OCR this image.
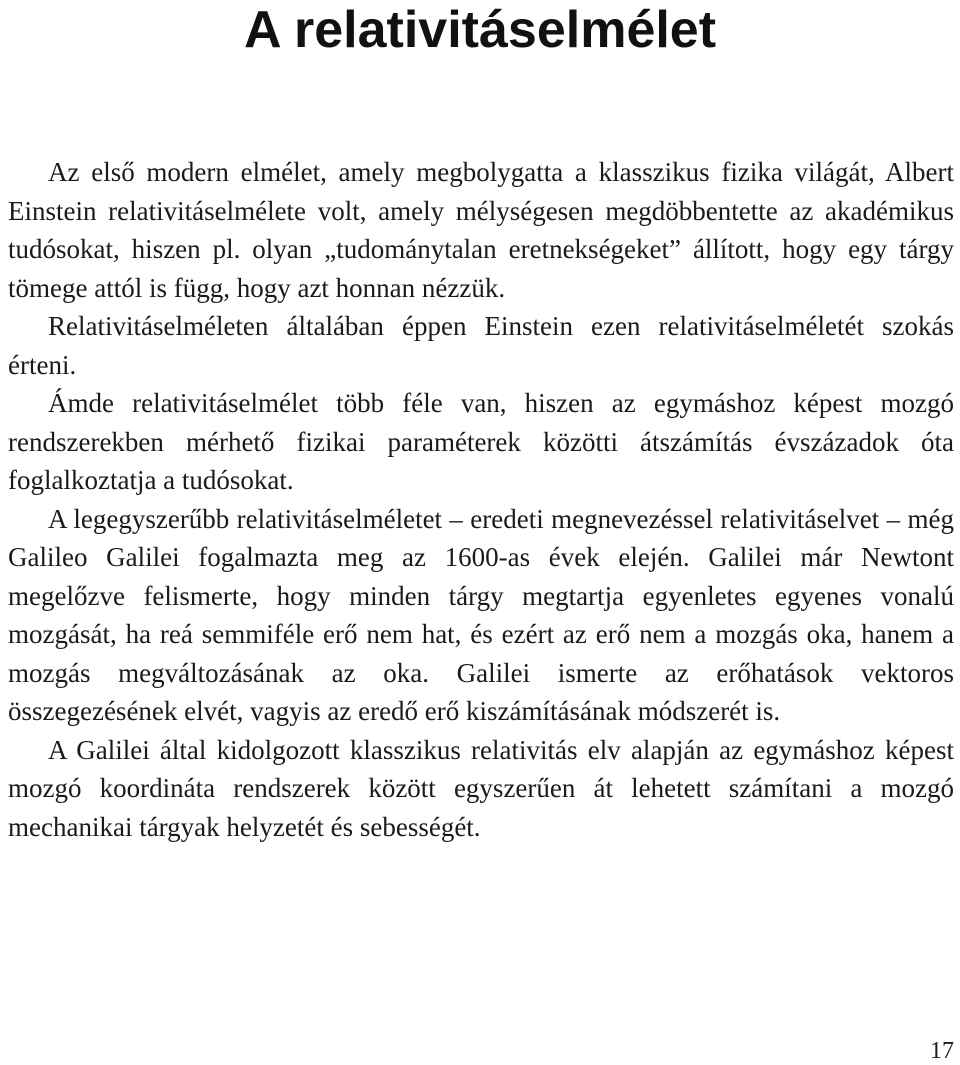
A relativitáselmélet

Az első modern elmélet, amely megbolygatta a klasszikus fizika világát, Albert Einstein relativitáselmélete volt, amely mélységesen megdöbbentette az akadémikus tudósokat, hiszen pl. olyan „tudománytalan eretnekségeket” állított, hogy egy tárgy tömege attól is függ, hogy azt honnan nézzük.

Relativitáselméleten általában éppen Einstein ezen relativitáselméletét szokás érteni.

Ámde relativitáselmélet több féle van, hiszen az egymáshoz képest mozgó rendszerekben mérhető fizikai paraméterek közötti átszámítás évszázadok óta foglalkoztatja a tudósokat.

A legegyszerűbb relativitáselméletet – eredeti megnevezéssel relativitáselvet – még Galileo Galilei fogalmazta meg az 1600-as évek elején. Galilei már Newtont megelőzve felismerte, hogy minden tárgy megtartja egyenletes egyenes vonalú mozgását, ha reá semmiféle erő nem hat, és ezért az erő nem a mozgás oka, hanem a mozgás megváltozásának az oka. Galilei ismerte az erőhatások vektoros összegezésének elvét, vagyis az eredő erő kiszámításának módszerét is.

A Galilei által kidolgozott klasszikus relativitás elv alapján az egymáshoz képest mozgó koordináta rendszerek között egyszerűen át lehetett számítani a mozgó mechanikai tárgyak helyzetét és sebességét.

17
